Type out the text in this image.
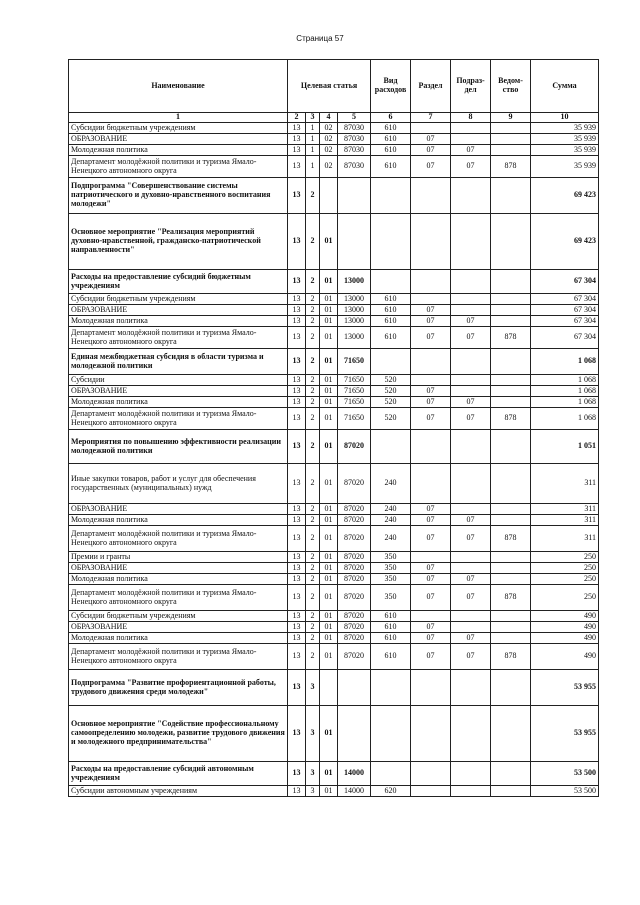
Страница 57
Наименование	Целевая статья				Вид расходов	Раздел	Подраз-дел	Ведом-ство	Сумма
1	2	3	4	5	6	7	8	9	10
Субсидии бюджетным учреждениям	13	1	02	87030	610				35 939
ОБРАЗОВАНИЕ	13	1	02	87030	610	07			35 939
Молодежная политика	13	1	02	87030	610	07	07		35 939
Департамент молодёжной политики и туризма Ямало-Ненецкого автономного округа	13	1	02	87030	610	07	07	878	35 939
Подпрограмма "Совершенствование системы патриотического и духовно-нравственного воспитания молодежи"	13	2							69 423
Основное мероприятие "Реализация мероприятий духовно-нравственной, гражданско-патриотической направленности"	13	2	01						69 423
Расходы на предоставление субсидий бюджетным учреждениям	13	2	01	13000					67 304
Субсидии бюджетным учреждениям	13	2	01	13000	610				67 304
ОБРАЗОВАНИЕ	13	2	01	13000	610	07			67 304
Молодежная политика	13	2	01	13000	610	07	07		67 304
Департамент молодёжной политики и туризма Ямало-Ненецкого автономного округа	13	2	01	13000	610	07	07	878	67 304
Единая межбюджетная субсидия в области туризма и молодежной политики	13	2	01	71650					1 068
Субсидии	13	2	01	71650	520				1 068
ОБРАЗОВАНИЕ	13	2	01	71650	520	07			1 068
Молодежная политика	13	2	01	71650	520	07	07		1 068
Департамент молодёжной политики и туризма Ямало-Ненецкого автономного округа	13	2	01	71650	520	07	07	878	1 068
Мероприятия по повышению эффективности реализации молодежной политики	13	2	01	87020					1 051
Иные закупки товаров, работ и услуг для обеспечения государственных (муниципальных) нужд	13	2	01	87020	240				311
ОБРАЗОВАНИЕ	13	2	01	87020	240	07			311
Молодежная политика	13	2	01	87020	240	07	07		311
Департамент молодёжной политики и туризма Ямало-Ненецкого автономного округа	13	2	01	87020	240	07	07	878	311
Премии и гранты	13	2	01	87020	350				250
ОБРАЗОВАНИЕ	13	2	01	87020	350	07			250
Молодежная политика	13	2	01	87020	350	07	07		250
Департамент молодёжной политики и туризма Ямало-Ненецкого автономного округа	13	2	01	87020	350	07	07	878	250
Субсидии бюджетным учреждениям	13	2	01	87020	610				490
ОБРАЗОВАНИЕ	13	2	01	87020	610	07			490
Молодежная политика	13	2	01	87020	610	07	07		490
Департамент молодёжной политики и туризма Ямало-Ненецкого автономного округа	13	2	01	87020	610	07	07	878	490
Подпрограмма "Развитие профориентационной работы, трудового движения среди молодежи"	13	3							53 955
Основное мероприятие "Содействие профессиональному самоопределению молодежи, развитие трудового движения и молодежного предпринимательства"	13	3	01						53 955
Расходы на предоставление субсидий автономным учреждениям	13	3	01	14000					53 500
Субсидии автономным учреждениям	13	3	01	14000	620				53 500
